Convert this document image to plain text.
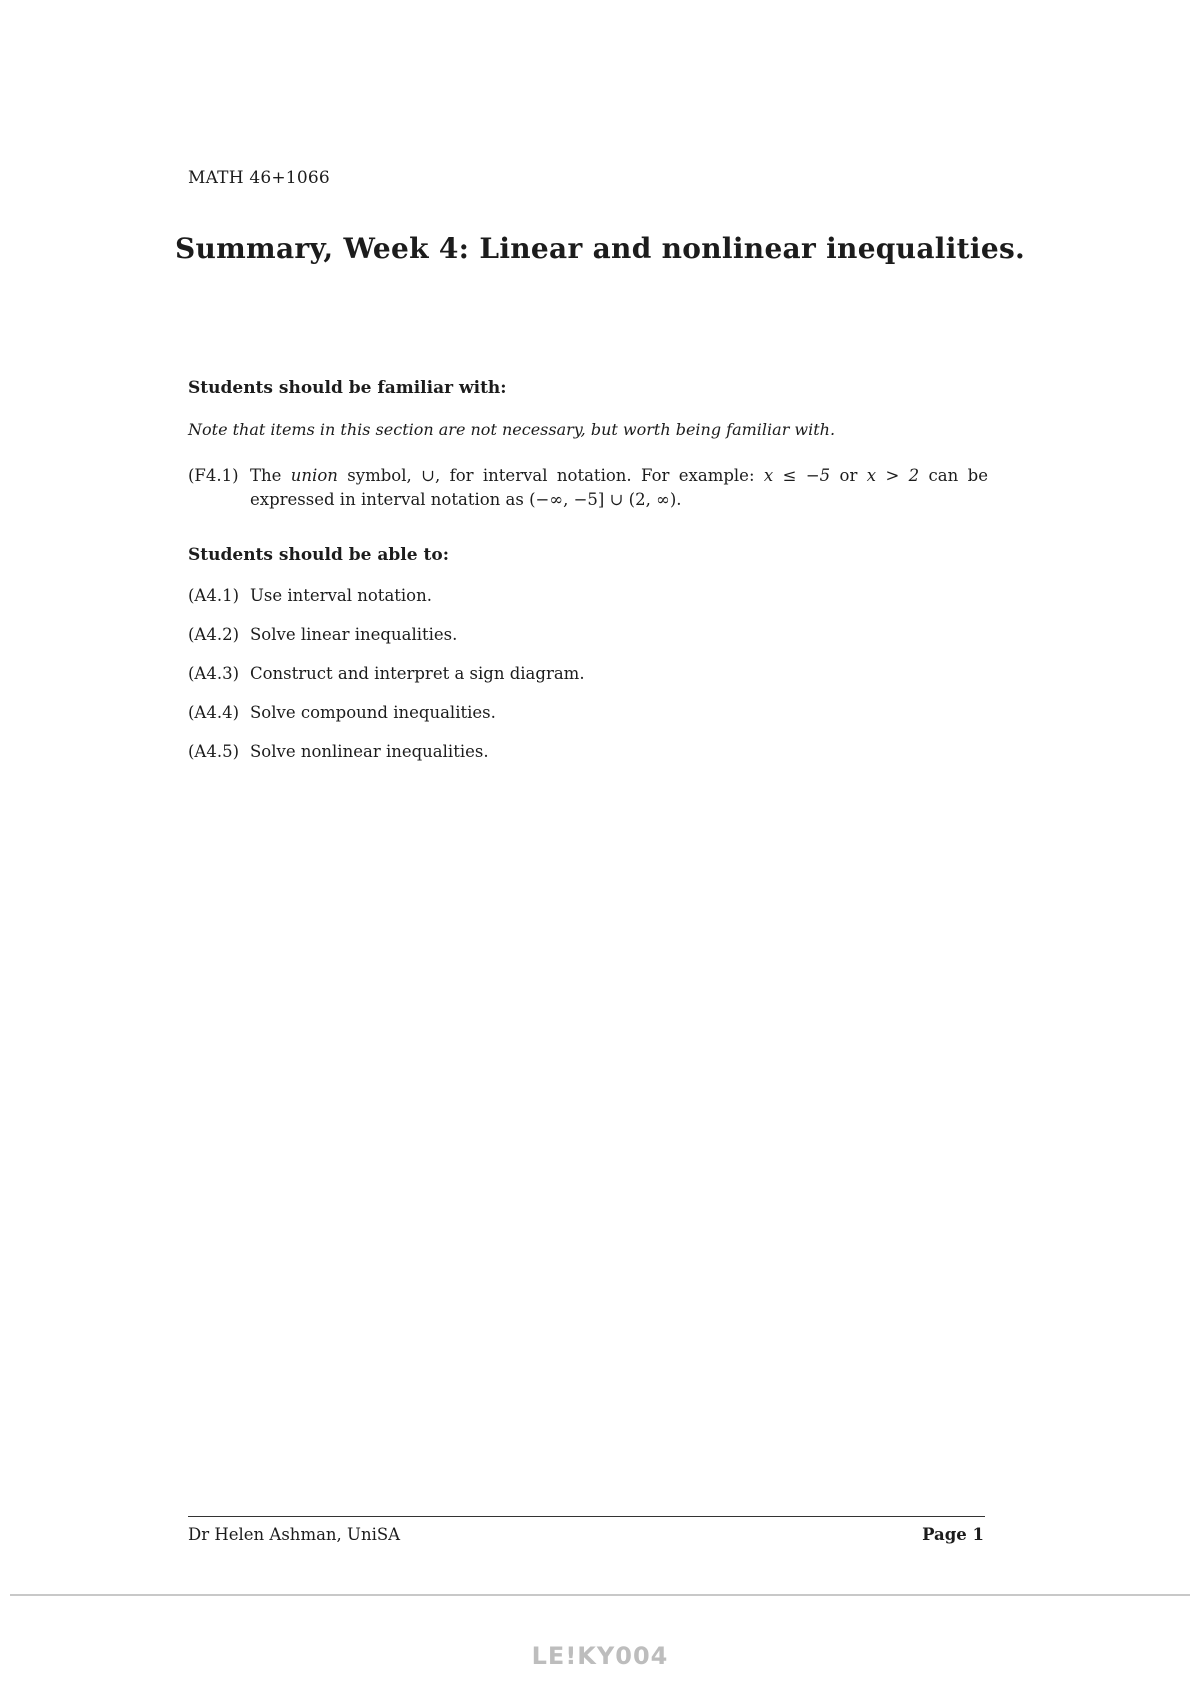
MATH 46+1066
Summary, Week 4: Linear and nonlinear inequalities.
Students should be familiar with:
Note that items in this section are not necessary, but worth being familiar with.
(F4.1) The union symbol, ∪, for interval notation. For example: x ≤ −5 or x > 2 can be expressed in interval notation as (−∞, −5] ∪ (2, ∞).
Students should be able to:
(A4.1) Use interval notation.
(A4.2) Solve linear inequalities.
(A4.3) Construct and interpret a sign diagram.
(A4.4) Solve compound inequalities.
(A4.5) Solve nonlinear inequalities.
Dr Helen Ashman, UniSA	Page 1
LE!KY004
